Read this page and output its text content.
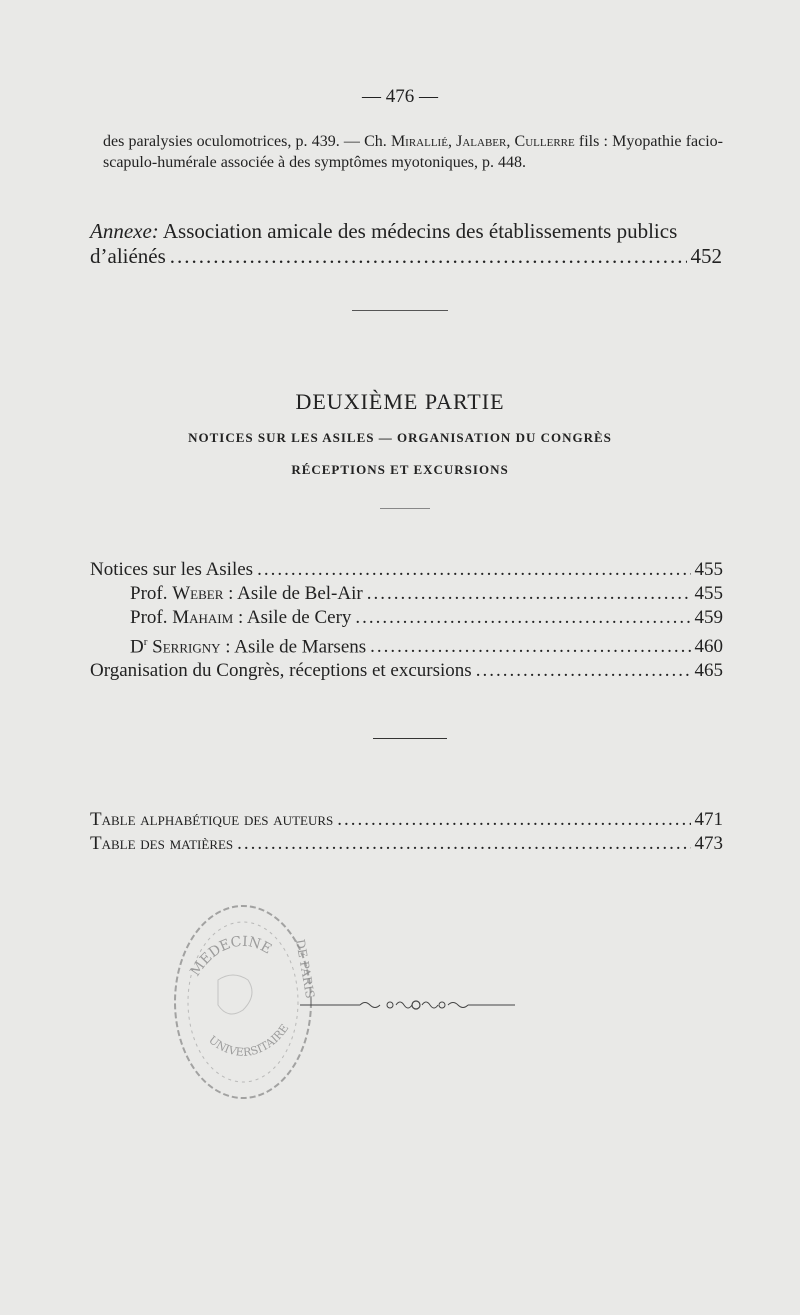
— 476 —
des paralysies oculomotrices, p. 439. — Ch. Mirallié, Jalaber, Cullerre fils : Myopathie facio-scapulo-humérale associée à des symptômes myotoniques, p. 448.
Annexe: Association amicale des médecins des établissements publics
d’aliénés .....	452
DEUXIÈME PARTIE
NOTICES SUR LES ASILES — ORGANISATION DU CONGRÈS
RÉCEPTIONS ET EXCURSIONS
Notices sur les Asiles .....	455
Prof. Weber : Asile de Bel-Air .....	455
Prof. Mahaim : Asile de Cery .....	459
$D^r$ Serrigny : Asile de Marsens .....	460
Organisation du Congrès, réceptions et excursions .....	465
Table alphabétique des auteurs .....	471
Table des matières .....	473
MEDECINE DE PARIS
UNIVERSITAIRE
